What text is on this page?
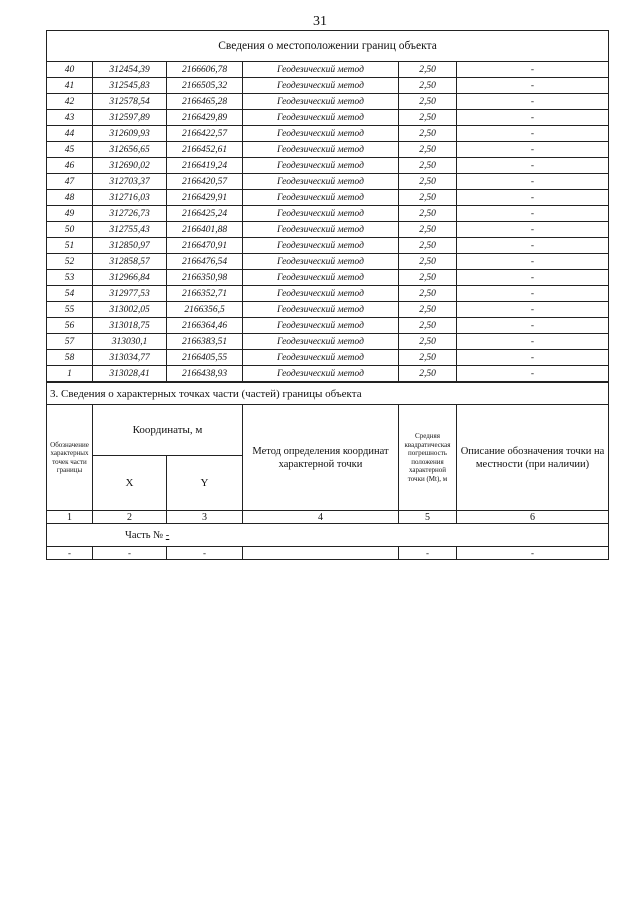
31
Сведения о местоположении границ объекта					
40	312454,39	2166606,78	Геодезический метод	2,50	-
41	312545,83	2166505,32	Геодезический метод	2,50	-
42	312578,54	2166465,28	Геодезический метод	2,50	-
43	312597,89	2166429,89	Геодезический метод	2,50	-
44	312609,93	2166422,57	Геодезический метод	2,50	-
45	312656,65	2166452,61	Геодезический метод	2,50	-
46	312690,02	2166419,24	Геодезический метод	2,50	-
47	312703,37	2166420,57	Геодезический метод	2,50	-
48	312716,03	2166429,91	Геодезический метод	2,50	-
49	312726,73	2166425,24	Геодезический метод	2,50	-
50	312755,43	2166401,88	Геодезический метод	2,50	-
51	312850,97	2166470,91	Геодезический метод	2,50	-
52	312858,57	2166476,54	Геодезический метод	2,50	-
53	312966,84	2166350,98	Геодезический метод	2,50	-
54	312977,53	2166352,71	Геодезический метод	2,50	-
55	313002,05	2166356,5	Геодезический метод	2,50	-
56	313018,75	2166364,46	Геодезический метод	2,50	-
57	313030,1	2166383,51	Геодезический метод	2,50	-
58	313034,77	2166405,55	Геодезический метод	2,50	-
1	313028,41	2166438,93	Геодезический метод	2,50	-
3. Сведения о характерных точках части (частей) границы объекта					
Обозначение характерных точек части границы	Координаты, м		Метод определения координат характерной точки	Средняя квадратическая погрешность положения характерной точки (Mt), м	Описание обозначения точки на местности (при наличии)
	X	Y			
1	2	3	4	5	6
Часть № -					
-	-	-		-	-
